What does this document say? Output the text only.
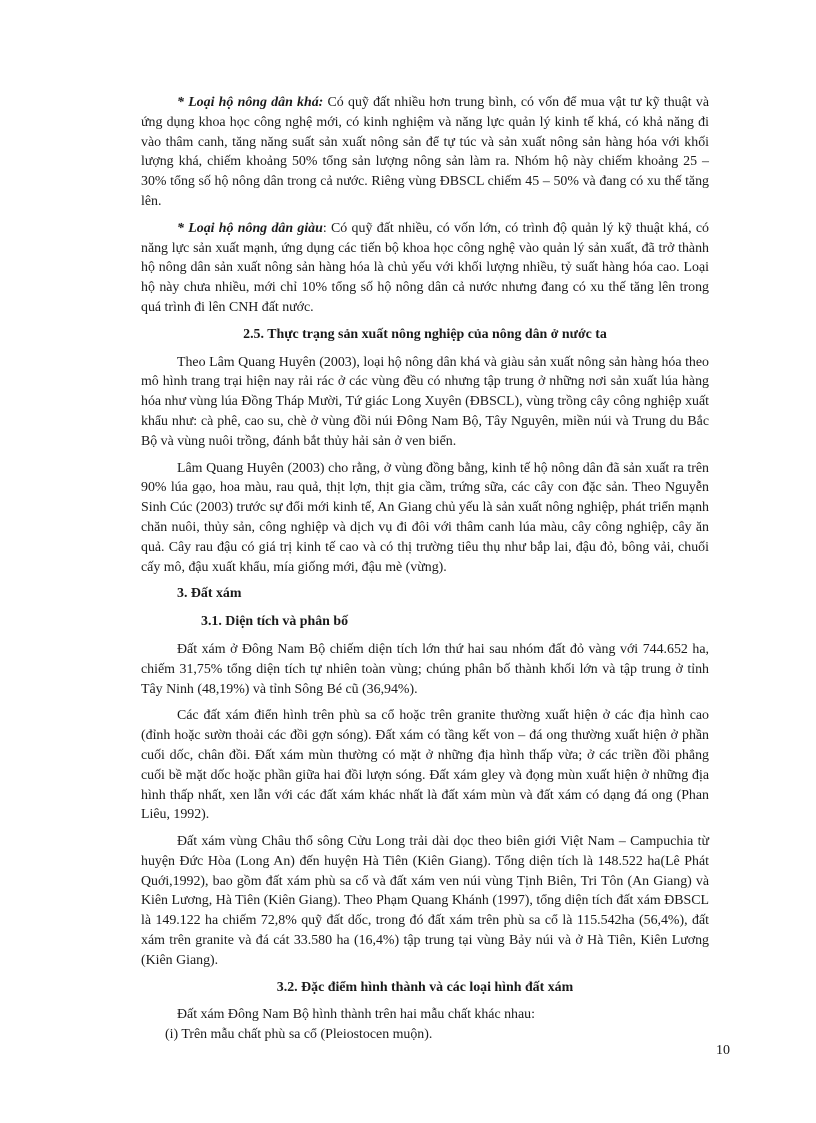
* Loại hộ nông dân khá: Có quỹ đất nhiều hơn trung bình, có vốn để mua vật tư kỹ thuật và ứng dụng khoa học công nghệ mới, có kinh nghiệm và năng lực quản lý kinh tế khá, có khả năng đi vào thâm canh, tăng năng suất sản xuất nông sản để tự túc và sản xuất nông sản hàng hóa với khối lượng khá, chiếm khoảng 50% tổng sản lượng nông sản làm ra. Nhóm hộ này chiếm khoảng 25 – 30% tổng số hộ nông dân trong cả nước. Riêng vùng ĐBSCL chiếm 45 – 50% và đang có xu thế tăng lên.

* Loại hộ nông dân giàu: Có quỹ đất nhiều, có vốn lớn, có trình độ quản lý kỹ thuật khá, có năng lực sản xuất mạnh, ứng dụng các tiến bộ khoa học công nghệ vào quản lý sản xuất, đã trở thành hộ nông dân sản xuất nông sản hàng hóa là chủ yếu với khối lượng nhiều, tỷ suất hàng hóa cao. Loại hộ này chưa nhiều, mới chỉ 10% tổng số hộ nông dân cả nước nhưng đang có xu thế tăng lên trong quá trình đi lên CNH đất nước.

2.5. Thực trạng sản xuất nông nghiệp của nông dân ở nước ta

Theo Lâm Quang Huyên (2003), loại hộ nông dân khá và giàu sản xuất nông sản hàng hóa theo mô hình trang trại hiện nay rải rác ở các vùng đều có nhưng tập trung ở những nơi sản xuất lúa hàng hóa như vùng lúa Đồng Tháp Mười, Tứ giác Long Xuyên (ĐBSCL), vùng trồng cây công nghiệp xuất khẩu như: cà phê, cao su, chè ở vùng đồi núi Đông Nam Bộ, Tây Nguyên, miền núi và Trung du Bắc Bộ và vùng nuôi trồng, đánh bắt thủy hải sản ở ven biển.

Lâm Quang Huyên (2003) cho rằng, ở vùng đồng bằng, kinh tế hộ nông dân đã sản xuất ra trên 90% lúa gạo, hoa màu, rau quả, thịt lợn, thịt gia cầm, trứng sữa, các cây con đặc sản. Theo Nguyễn Sinh Cúc (2003) trước sự đổi mới kinh tế, An Giang chủ yếu là sản xuất nông nghiệp, phát triển mạnh chăn nuôi, thủy sản, công nghiệp và dịch vụ đi đôi với thâm canh lúa màu, cây công nghiệp, cây ăn quả. Cây rau đậu có giá trị kinh tế cao và có thị trường tiêu thụ như bắp lai, đậu đỏ, bông vải, chuối cấy mô, đậu xuất khẩu, mía giống mới, đậu mè (vừng).

3. Đất xám
3.1. Diện tích và phân bố

Đất xám ở Đông Nam Bộ chiếm diện tích lớn thứ hai sau nhóm đất đỏ vàng với 744.652 ha, chiếm 31,75% tổng diện tích tự nhiên toàn vùng; chúng phân bố thành khối lớn và tập trung ở tỉnh Tây Ninh (48,19%) và tỉnh Sông Bé cũ (36,94%).

Các đất xám điển hình trên phù sa cổ hoặc trên granite thường xuất hiện ở các địa hình cao (đỉnh hoặc sườn thoải các đồi gợn sóng). Đất xám có tầng kết von – đá ong thường xuất hiện ở phần cuối dốc, chân đồi. Đất xám mùn thường có mặt ở những địa hình thấp vừa; ở các triền đồi phẳng cuối bề mặt dốc hoặc phần giữa hai đồi lượn sóng. Đất xám gley và đọng mùn xuất hiện ở những địa hình thấp nhất, xen lẫn với các đất xám khác nhất là đất xám mùn và đất xám có dạng đá ong (Phan Liêu, 1992).

Đất xám vùng Châu thổ sông Cửu Long trải dài dọc theo biên giới Việt Nam – Campuchia từ huyện Đức Hòa (Long An) đến huyện Hà Tiên (Kiên Giang). Tổng diện tích là 148.522 ha(Lê Phát Quới,1992), bao gồm đất xám phù sa cổ và đất xám ven núi vùng Tịnh Biên, Tri Tôn (An Giang) và Kiên Lương, Hà Tiên (Kiên Giang). Theo Phạm Quang Khánh (1997), tổng diện tích đất xám ĐBSCL là 149.122 ha chiếm 72,8% quỹ đất dốc, trong đó đất xám trên phù sa cổ là 115.542ha (56,4%), đất xám trên granite và đá cát 33.580 ha (16,4%) tập trung tại vùng Bảy núi và ở Hà Tiên, Kiên Lương (Kiên Giang).

3.2. Đặc điểm hình thành và các loại hình đất xám

Đất xám Đông Nam Bộ hình thành trên hai mẫu chất khác nhau:

(i) Trên mẫu chất phù sa cổ (Pleiostocen muộn).

10
